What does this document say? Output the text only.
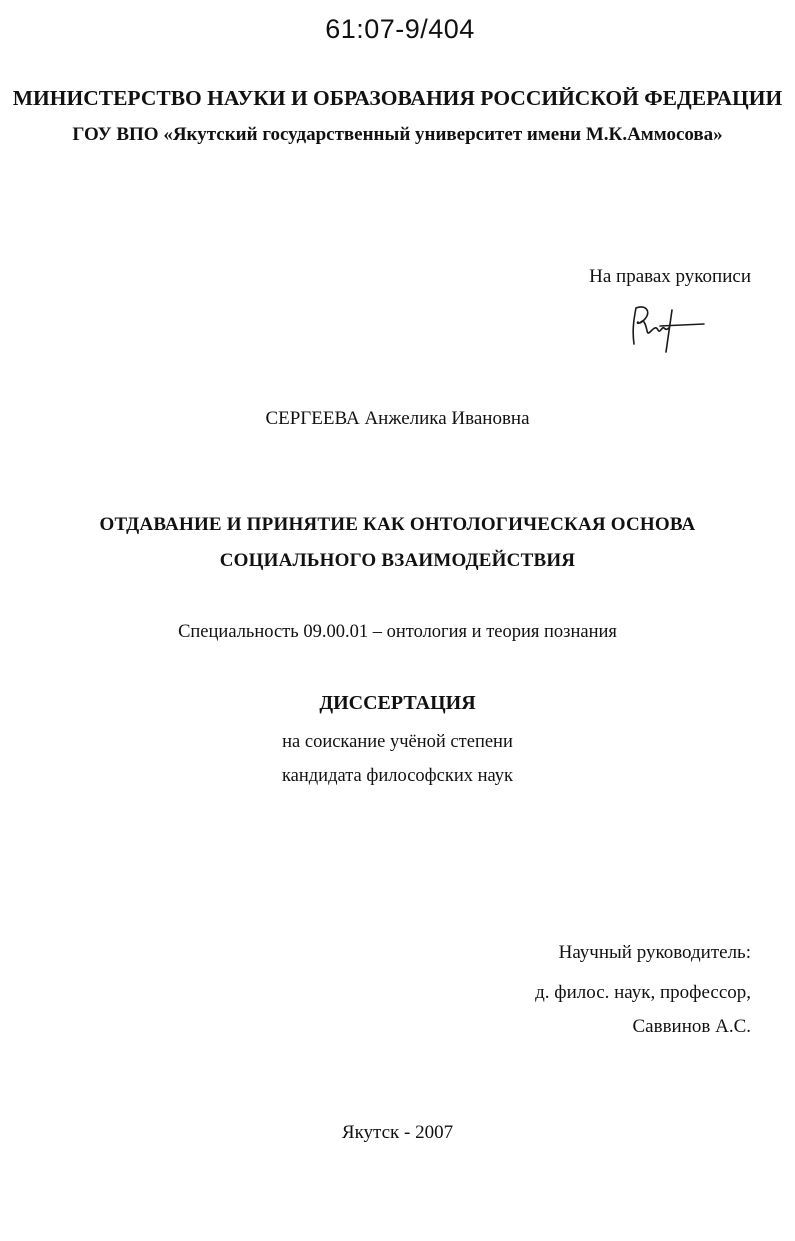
61:07-9/404
МИНИСТЕРСТВО НАУКИ И ОБРАЗОВАНИЯ РОССИЙСКОЙ ФЕДЕРАЦИИ
ГОУ ВПО «Якутский государственный университет имени М.К.Аммосова»
На правах рукописи
СЕРГЕЕВА Анжелика Ивановна
ОТДАВАНИЕ И ПРИНЯТИЕ КАК ОНТОЛОГИЧЕСКАЯ ОСНОВА
СОЦИАЛЬНОГО ВЗАИМОДЕЙСТВИЯ
Специальность 09.00.01 – онтология и теория познания
ДИССЕРТАЦИЯ
на соискание учёной степени
кандидата философских наук
Научный руководитель:
д. филос. наук, профессор,
Саввинов А.С.
Якутск - 2007
